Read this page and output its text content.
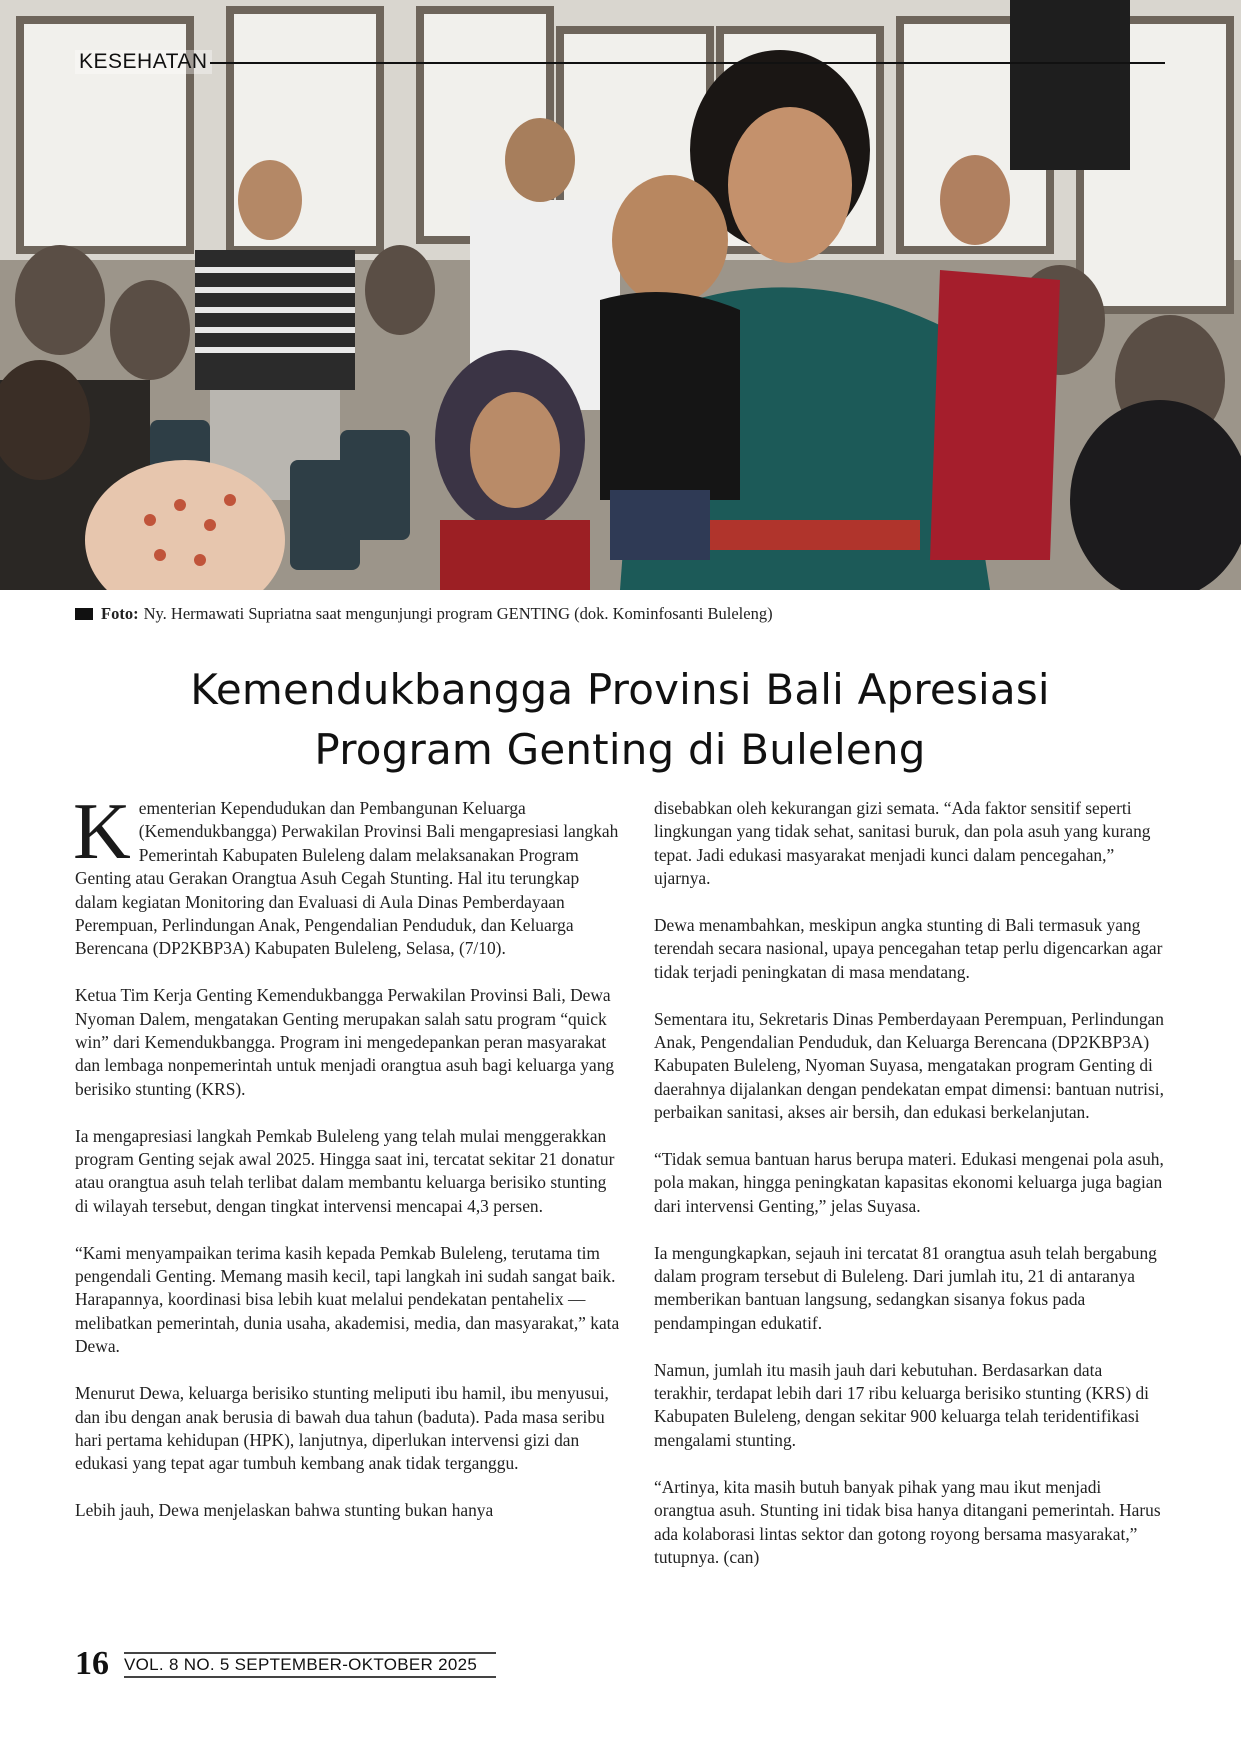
KESEHATAN
Foto: Ny. Hermawati Supriatna saat mengunjungi program GENTING (dok. Kominfosanti Buleleng)
Kemendukbangga Provinsi Bali Apresiasi
Program Genting di Buleleng

Kementerian Kependudukan dan Pembangunan Keluarga (Kemendukbangga) Perwakilan Provinsi Bali mengapresiasi langkah Pemerintah Kabupaten Buleleng dalam melaksanakan Program Genting atau Gerakan Orangtua Asuh Cegah Stunting. Hal itu terungkap dalam kegiatan Monitoring dan Evaluasi di Aula Dinas Pemberdayaan Perempuan, Perlindungan Anak, Pengendalian Penduduk, dan Keluarga Berencana (DP2KBP3A) Kabupaten Buleleng, Selasa, (7/10).

Ketua Tim Kerja Genting Kemendukbangga Perwakilan Provinsi Bali, Dewa Nyoman Dalem, mengatakan Genting merupakan salah satu program “quick win” dari Kemendukbangga. Program ini mengedepankan peran masyarakat dan lembaga nonpemerintah untuk menjadi orangtua asuh bagi keluarga yang berisiko stunting (KRS).

Ia mengapresiasi langkah Pemkab Buleleng yang telah mulai menggerakkan program Genting sejak awal 2025. Hingga saat ini, tercatat sekitar 21 donatur atau orangtua asuh telah terlibat dalam membantu keluarga berisiko stunting di wilayah tersebut, dengan tingkat intervensi mencapai 4,3 persen.

“Kami menyampaikan terima kasih kepada Pemkab Buleleng, terutama tim pengendali Genting. Memang masih kecil, tapi langkah ini sudah sangat baik. Harapannya, koordinasi bisa lebih kuat melalui pendekatan pentahelix — melibatkan pemerintah, dunia usaha, akademisi, media, dan masyarakat,” kata Dewa.

Menurut Dewa, keluarga berisiko stunting meliputi ibu hamil, ibu menyusui, dan ibu dengan anak berusia di bawah dua tahun (baduta). Pada masa seribu hari pertama kehidupan (HPK), lanjutnya, diperlukan intervensi gizi dan edukasi yang tepat agar tumbuh kembang anak tidak terganggu.

Lebih jauh, Dewa menjelaskan bahwa stunting bukan hanya

disebabkan oleh kekurangan gizi semata. “Ada faktor sensitif seperti lingkungan yang tidak sehat, sanitasi buruk, dan pola asuh yang kurang tepat. Jadi edukasi masyarakat menjadi kunci dalam pencegahan,” ujarnya.

Dewa menambahkan, meskipun angka stunting di Bali termasuk yang terendah secara nasional, upaya pencegahan tetap perlu digencarkan agar tidak terjadi peningkatan di masa mendatang.

Sementara itu, Sekretaris Dinas Pemberdayaan Perempuan, Perlindungan Anak, Pengendalian Penduduk, dan Keluarga Berencana (DP2KBP3A) Kabupaten Buleleng, Nyoman Suyasa, mengatakan program Genting di daerahnya dijalankan dengan pendekatan empat dimensi: bantuan nutrisi, perbaikan sanitasi, akses air bersih, dan edukasi berkelanjutan.

“Tidak semua bantuan harus berupa materi. Edukasi mengenai pola asuh, pola makan, hingga peningkatan kapasitas ekonomi keluarga juga bagian dari intervensi Genting,” jelas Suyasa.

Ia mengungkapkan, sejauh ini tercatat 81 orangtua asuh telah bergabung dalam program tersebut di Buleleng. Dari jumlah itu, 21 di antaranya memberikan bantuan langsung, sedangkan sisanya fokus pada pendampingan edukatif.

Namun, jumlah itu masih jauh dari kebutuhan. Berdasarkan data terakhir, terdapat lebih dari 17 ribu keluarga berisiko stunting (KRS) di Kabupaten Buleleng, dengan sekitar 900 keluarga telah teridentifikasi mengalami stunting.

“Artinya, kita masih butuh banyak pihak yang mau ikut menjadi orangtua asuh. Stunting ini tidak bisa hanya ditangani pemerintah. Harus ada kolaborasi lintas sektor dan gotong royong bersama masyarakat,” tutupnya. (can)

16 VOL. 8 NO. 5 SEPTEMBER-OKTOBER 2025
